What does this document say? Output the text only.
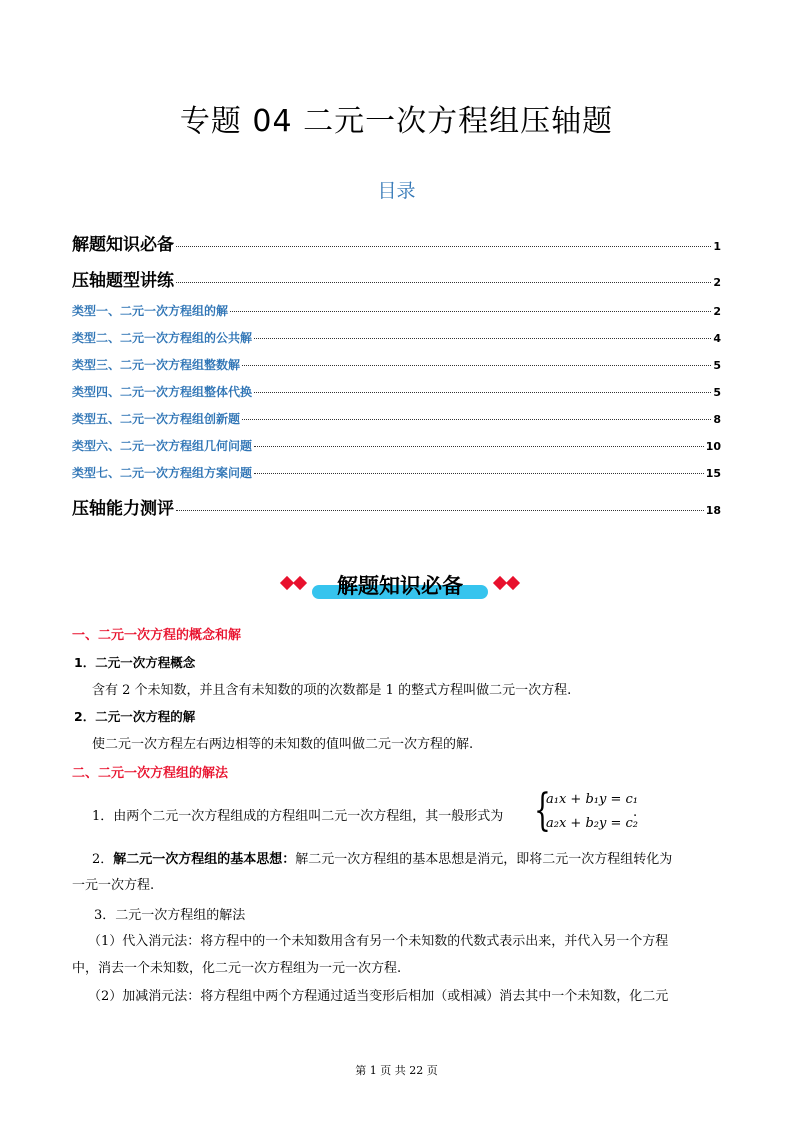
专题 04 二元一次方程组压轴题
目录
解题知识必备	1
压轴题型讲练	2
类型一、二元一次方程组的解	2
类型二、二元一次方程组的公共解	4
类型三、二元一次方程组整数解	5
类型四、二元一次方程组整体代换	5
类型五、二元一次方程组创新题	8
类型六、二元一次方程组几何问题	10
类型七、二元一次方程组方案问题	15
压轴能力测评	18
解题知识必备
一、二元一次方程的概念和解
1．二元一次方程概念
含有 2 个未知数，并且含有未知数的项的次数都是 1 的整式方程叫做二元一次方程.
2．二元一次方程的解
使二元一次方程左右两边相等的未知数的值叫做二元一次方程的解.
二、二元一次方程组的解法
1．由两个二元一次方程组成的方程组叫二元一次方程组，其一般形式为 {
a₁x + b₁y = c₁
a₂x + b₂y = c₂
.
2．解二元一次方程组的基本思想：解二元一次方程组的基本思想是消元，即将二元一次方程组转化为
一元一次方程.
3．二元一次方程组的解法
（1）代入消元法：将方程中的一个未知数用含有另一个未知数的代数式表示出来，并代入另一个方程
中，消去一个未知数，化二元一次方程组为一元一次方程.
（2）加减消元法：将方程组中两个方程通过适当变形后相加（或相减）消去其中一个未知数，化二元
第 1 页 共 22 页
